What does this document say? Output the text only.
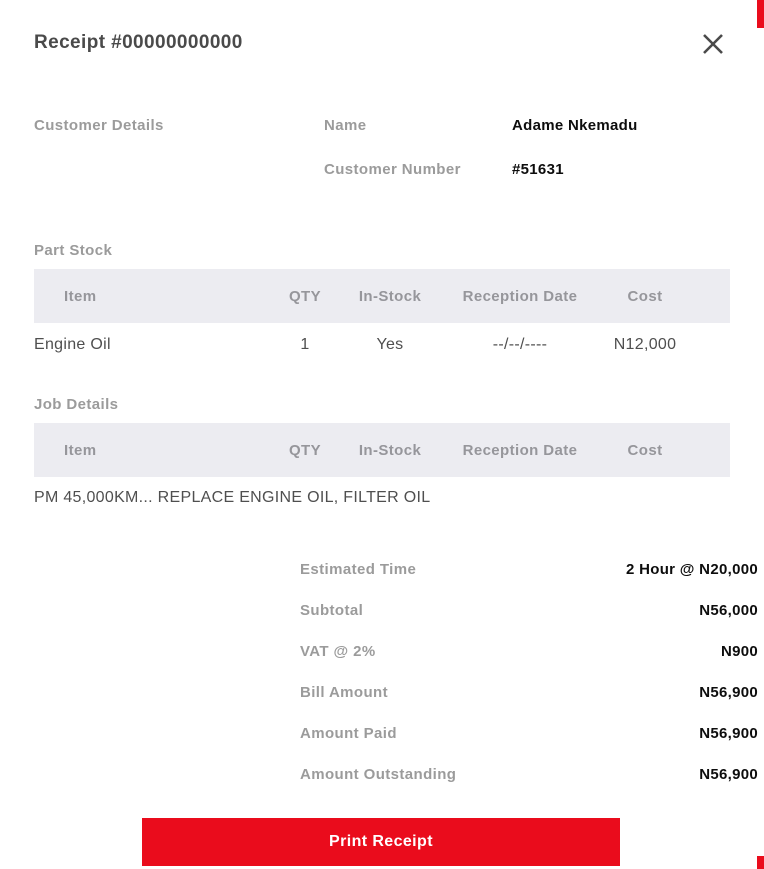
Receipt #00000000000
Customer Details	Name	Adame Nkemadu
Customer Number	#51631
Part Stock
Item	QTY	In-Stock	Reception Date	Cost
Engine Oil	1	Yes	--/--/----	N12,000
Job Details
Item	QTY	In-Stock	Reception Date	Cost
PM 45,000KM... REPLACE ENGINE OIL, FILTER OIL
Estimated Time	2 Hour @ N20,000
Subtotal	N56,000
VAT @ 2%	N900
Bill Amount	N56,900
Amount Paid	N56,900
Amount Outstanding	N56,900
Print Receipt
